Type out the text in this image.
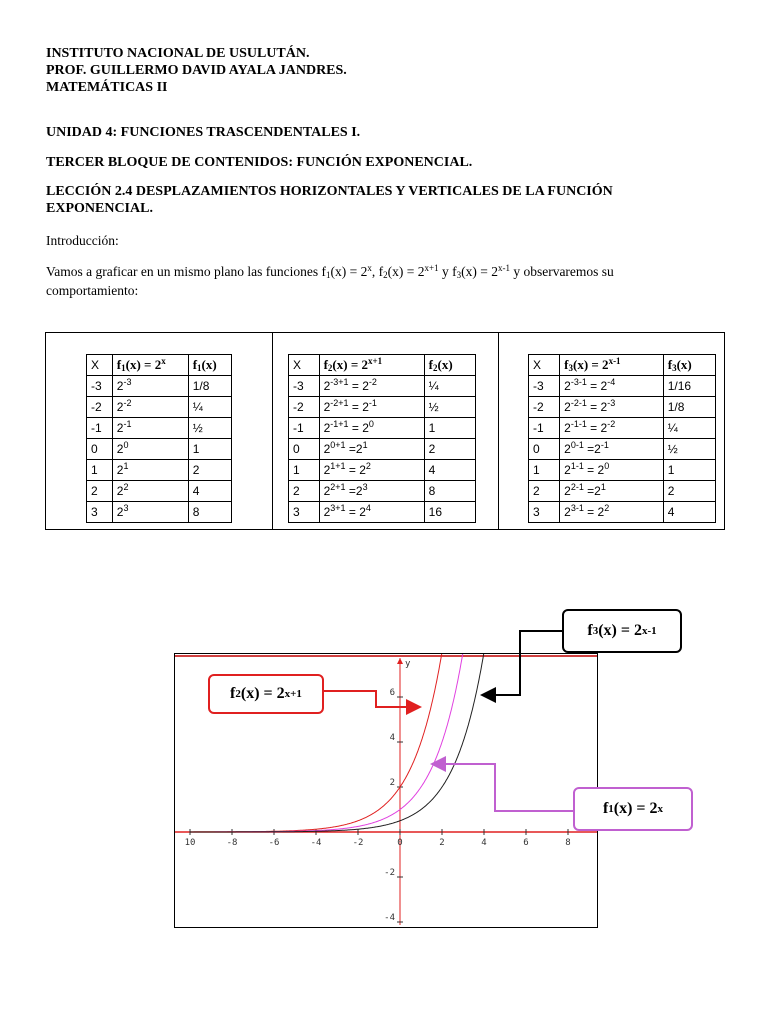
INSTITUTO NACIONAL DE USULUTÁN.
PROF. GUILLERMO DAVID AYALA JANDRES.
MATEMÁTICAS II
UNIDAD 4: FUNCIONES TRASCENDENTALES I.
TERCER BLOQUE DE CONTENIDOS: FUNCIÓN EXPONENCIAL.
LECCIÓN 2.4 DESPLAZAMIENTOS HORIZONTALES Y VERTICALES DE LA FUNCIÓN
EXPONENCIAL.
Introducción:
Vamos a graficar en un mismo plano las funciones $f_1(x) = 2^x$, $f_2(x) = 2^{x+1}$ y $f_3(x) = 2^{x-1}$ y observaremos su
comportamiento:
X	$f_1(x) = 2^x$	$f_1(x)$
-3	$2^{-3}$	1/8
-2	$2^{-2}$	¼
-1	$2^{-1}$	½
0	$2^0$	1
1	$2^1$	2
2	$2^2$	4
3	$2^3$	8
X	$f_2(x) = 2^{x+1}$	$f_2(x)$
-3	$2^{-3+1} = 2^{-2}$	¼
-2	$2^{-2+1} = 2^{-1}$	½
-1	$2^{-1+1} = 2^0$	1
0	$2^{0+1} =2^1$	2
1	$2^{1+1} = 2^2$	4
2	$2^{2+1} =2^3$	8
3	$2^{3+1} = 2^4$	16
X	$f_3(x) = 2^{x-1}$	$f_3(x)$
-3	$2^{-3-1} = 2^{-4}$	1/16
-2	$2^{-2-1} = 2^{-3}$	1/8
-1	$2^{-1-1} = 2^{-2}$	¼
0	$2^{0-1} =2^{-1}$	½
1	$2^{1-1} = 2^0$	1
2	$2^{2-1} =2^1$	2
3	$2^{3-1} = 2^2$	4
y
10	-8	-6	-4	-2	0	2	4	6	8
6
4
2
-2
-4
f 2 (x) = 2 x+1
f 3 (x) = 2 x-1
f 1 (x) = 2 x
